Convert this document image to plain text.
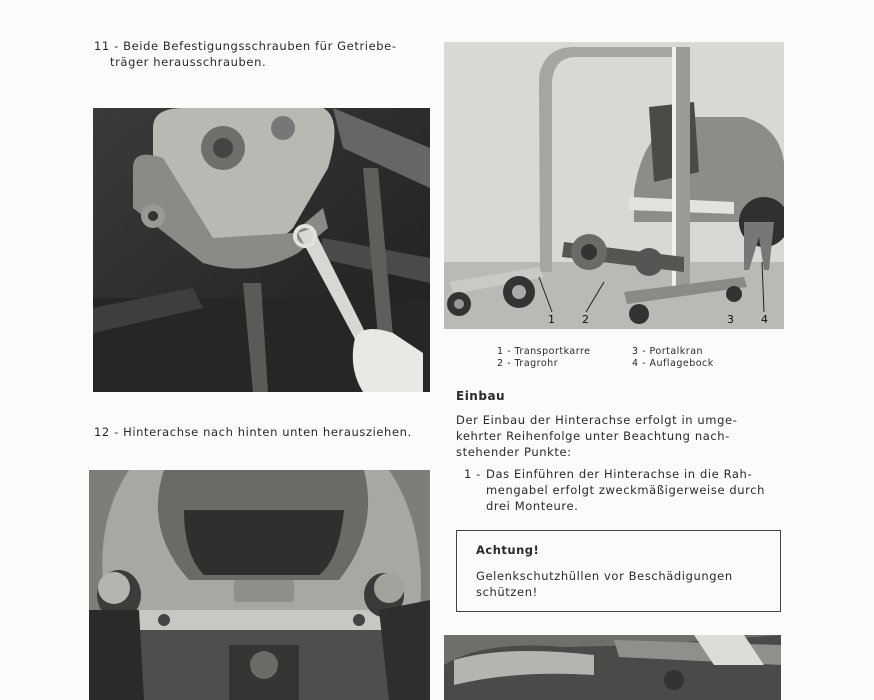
11 - Beide Befestigungsschrauben für Getriebe-
träger herausschrauben.
12 - Hinterachse nach hinten unten herausziehen.
1 2	3 4
1 - Transportkarre
2 - Tragrohr
3 - Portalkran
4 - Auflagebock
Einbau
Der Einbau der Hinterachse erfolgt in umge-
kehrter Reihenfolge unter Beachtung nach-
stehender Punkte:
1 - Das Einführen der Hinterachse in die Rah-
mengabel erfolgt zweckmäßigerweise durch
drei Monteure.
Achtung!
Gelenkschutzhüllen vor Beschädigungen
schützen!
